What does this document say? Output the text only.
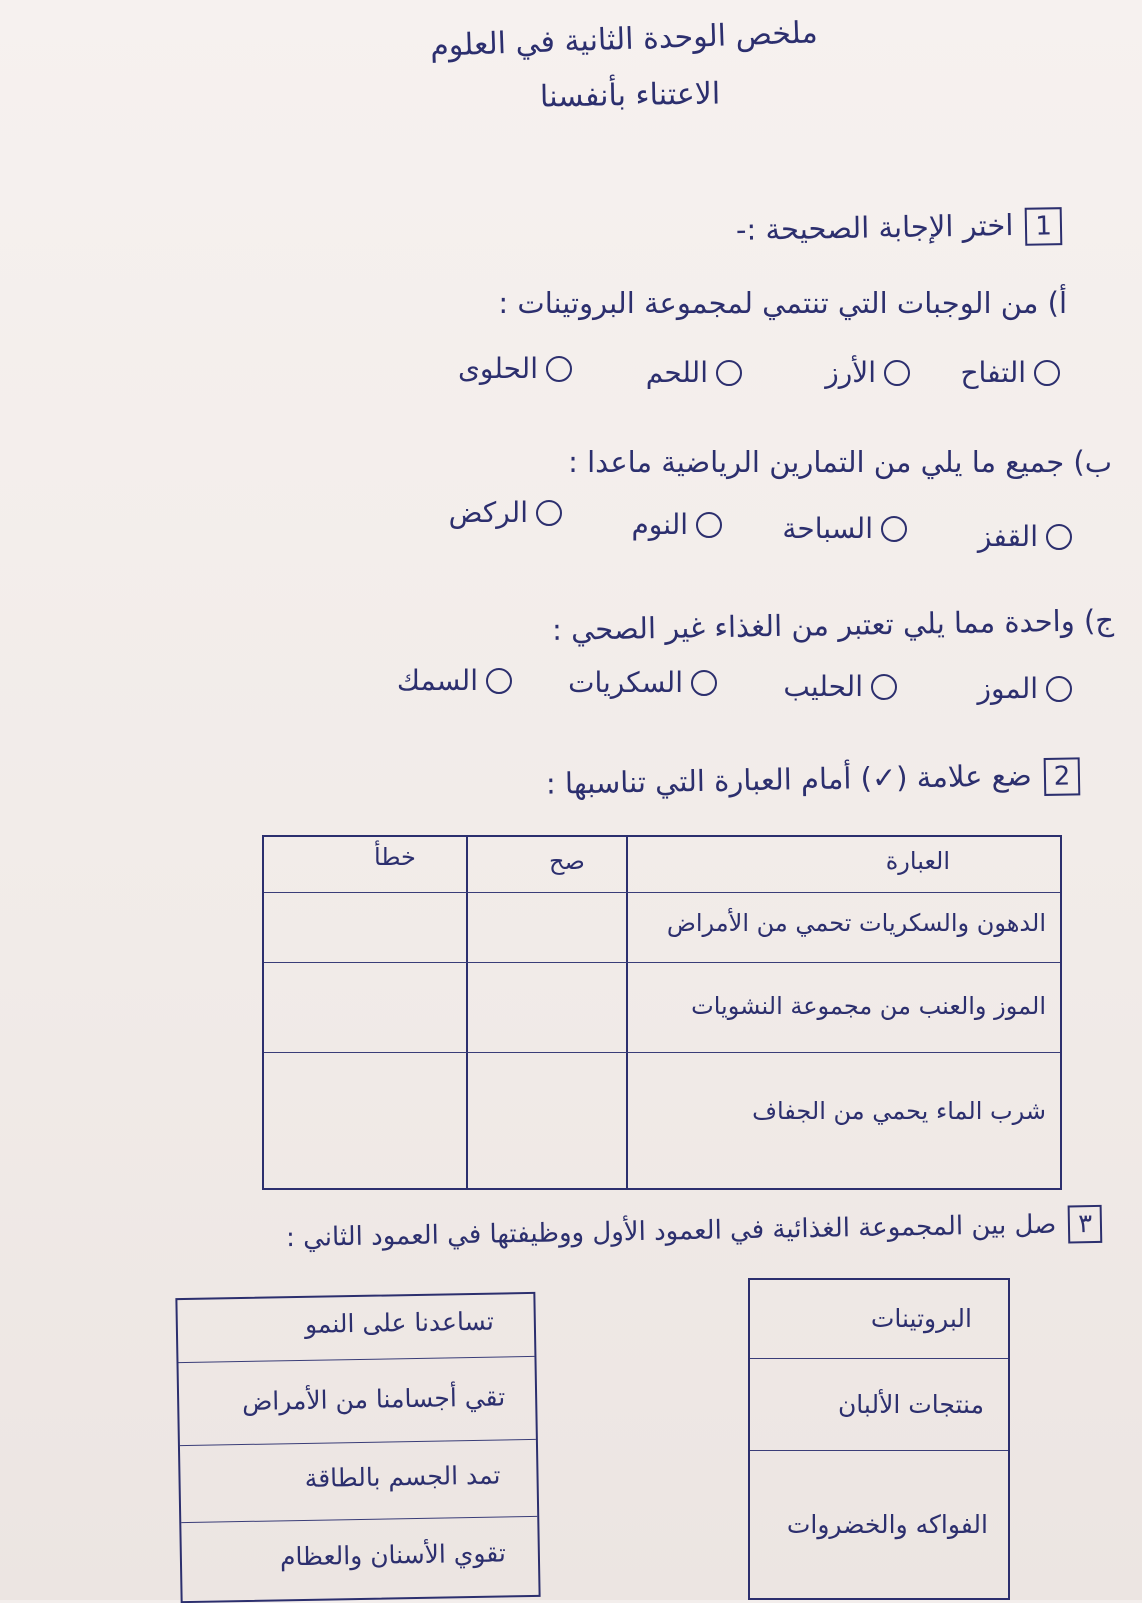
ملخص الوحدة الثانية في العلوم
الاعتناء بأنفسنا
1اختر الإجابة الصحيحة :-
أ) من الوجبات التي تنتمي لمجموعة البروتينات :
التفاح
الأرز
اللحم
الحلوى
ب) جميع ما يلي من التمارين الرياضية ماعدا :
القفز
السباحة
النوم
الركض
ج) واحدة مما يلي تعتبر من الغذاء غير الصحي :
الموز
الحليب
السكريات
السمك
2ضع علامة (✓) أمام العبارة التي تناسبها :
العبارة
صح
خطأ
الدهون والسكريات تحمي من الأمراض
الموز والعنب من مجموعة النشويات
شرب الماء يحمي من الجفاف
٣صل بين المجموعة الغذائية في العمود الأول ووظيفتها في العمود الثاني :
البروتينات
منتجات الألبان
الفواكه والخضروات
تساعدنا على النمو
تقي أجسامنا من الأمراض
تمد الجسم بالطاقة
تقوي الأسنان والعظام
